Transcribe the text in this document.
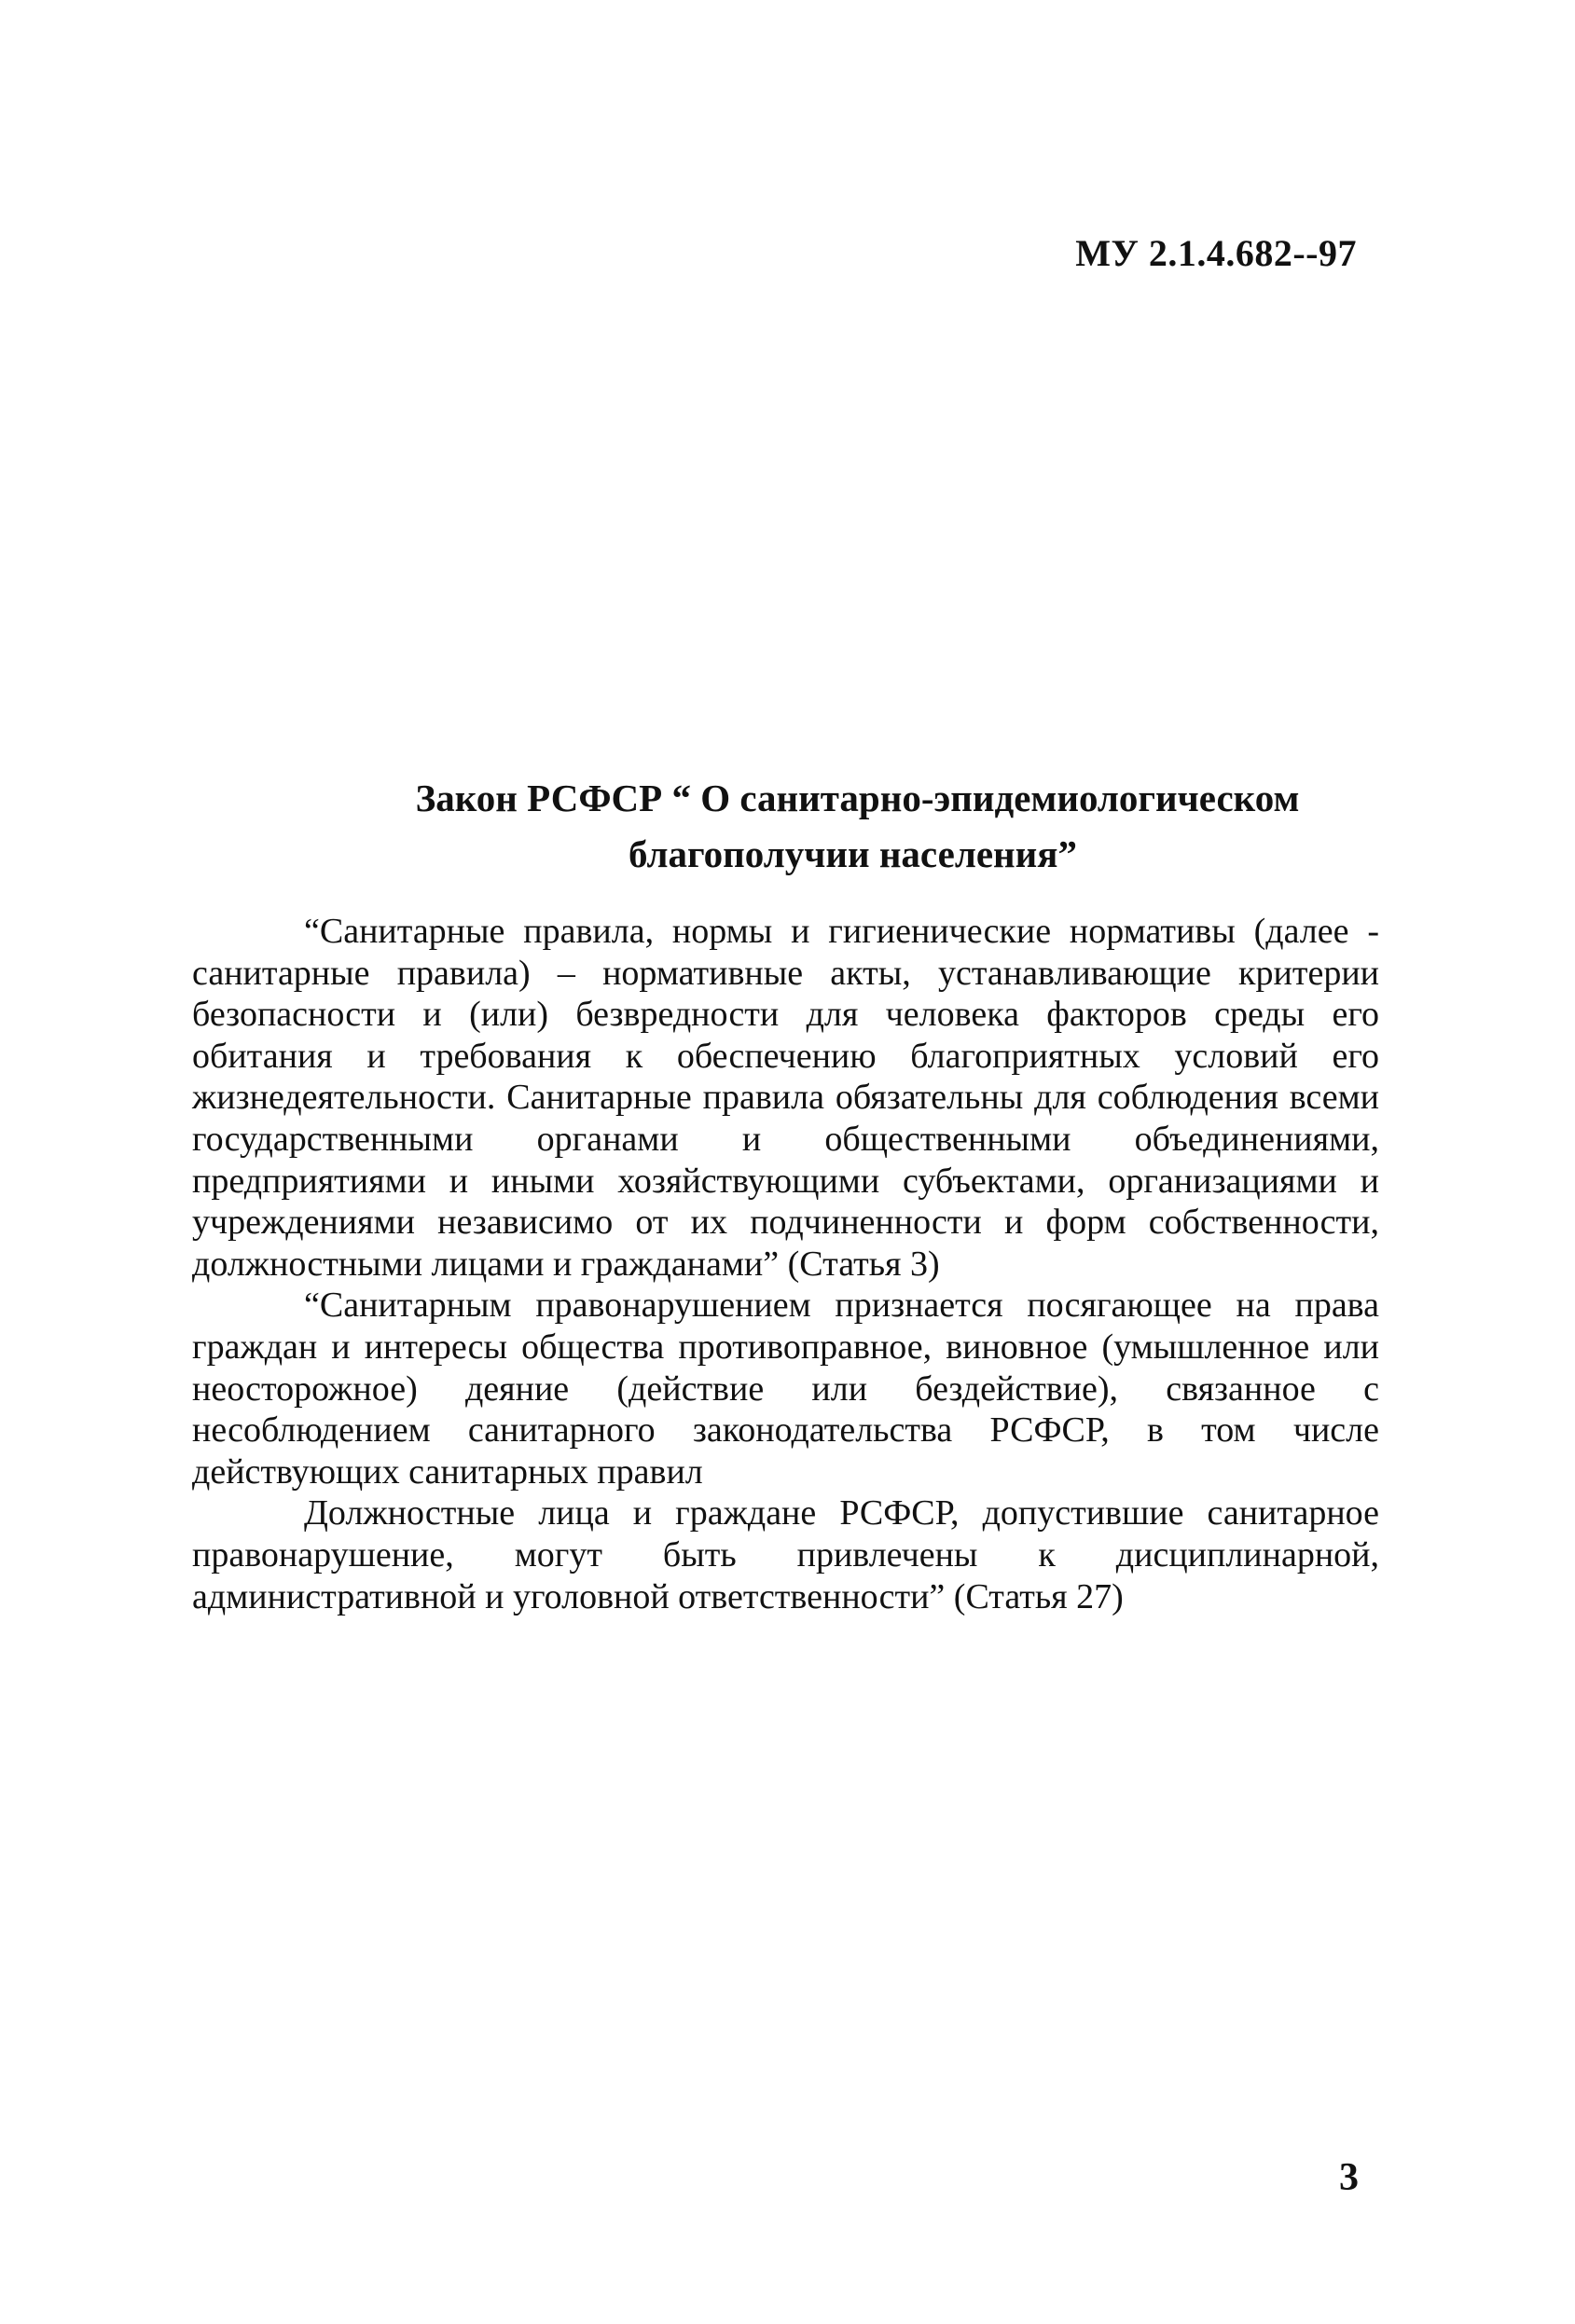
МУ 2.1.4.682--97
Закон РСФСР “ О санитарно-эпидемиологическом
благополучии населения”

“Санитарные правила, нормы и гигиенические нормативы (далее - санитарные правила) – нормативные акты, устанавливающие критерии безопасности и (или) безвредности для человека факторов среды его обитания и требования к обеспечению благоприятных условий его жизнедеятельности. Санитарные правила обязательны для соблюдения всеми государственными органами и общественными объединениями, предприятиями и иными хозяйствующими субъектами, организациями и учреждениями независимо от их подчиненности и форм собственности, должностными лицами и гражданами” (Статья 3)

“Санитарным правонарушением признается посягающее на права граждан и интересы общества противоправное, виновное (умышленное или неосторожное) деяние (действие или бездействие), связанное с несоблюдением санитарного законодательства РСФСР, в том числе действующих санитарных правил

Должностные лица и граждане РСФСР, допустившие санитарное правонарушение, могут быть привлечены к дисциплинарной, административной и уголовной ответственности” (Статья 27)

3
